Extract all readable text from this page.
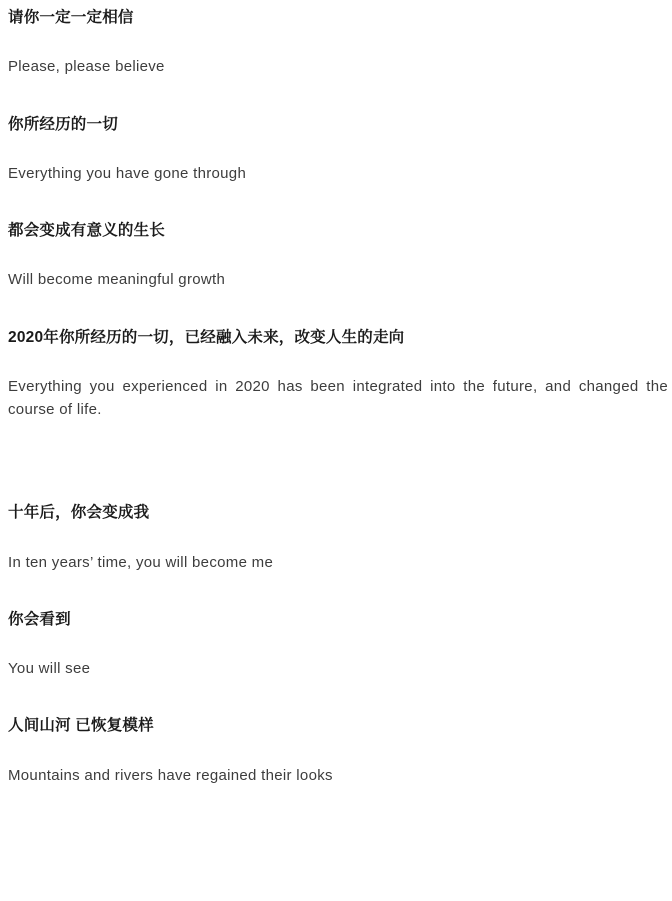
请你一定一定相信

Please, please believe

你所经历的一切

Everything you have gone through

都会变成有意义的生长

Will become meaningful growth

2020年你所经历的一切，已经融入未来，改变人生的走向

Everything you experienced in 2020 has been integrated into the future, and changed the course of life.

十年后，你会变成我

In ten years’ time, you will become me

你会看到

You will see

人间山河 已恢复模样

Mountains and rivers have regained their looks
